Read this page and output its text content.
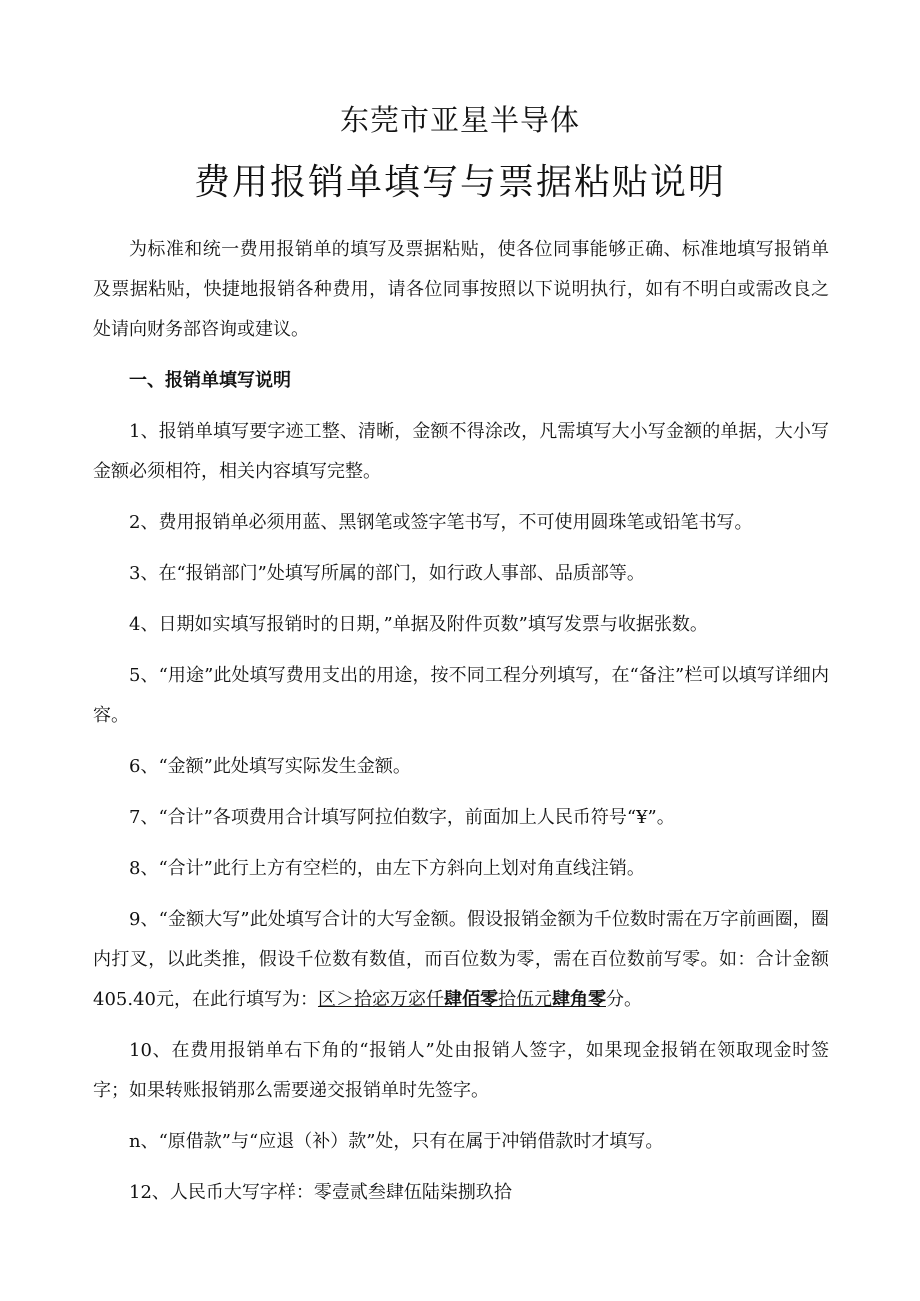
东莞市亚星半导体
费用报销单填写与票据粘贴说明

为标准和统一费用报销单的填写及票据粘贴，使各位同事能够正确、标准地填写报销单及票据粘贴，快捷地报销各种费用，请各位同事按照以下说明执行，如有不明白或需改良之处请向财务部咨询或建议。

一、报销单填写说明

1、报销单填写要字迹工整、清晰，金额不得涂改，凡需填写大小写金额的单据，大小写金额必须相符，相关内容填写完整。

2、费用报销单必须用蓝、黑钢笔或签字笔书写，不可使用圆珠笔或铅笔书写。

3、在“报销部门”处填写所属的部门，如行政人事部、品质部等。

4、日期如实填写报销时的日期，”单据及附件页数”填写发票与收据张数。

5、“用途”此处填写费用支出的用途，按不同工程分列填写，在“备注”栏可以填写详细内容。

6、“金额”此处填写实际发生金额。

7、“合计”各项费用合计填写阿拉伯数字，前面加上人民币符号“¥”。

8、“合计”此行上方有空栏的，由左下方斜向上划对角直线注销。

9、“金额大写”此处填写合计的大写金额。假设报销金额为千位数时需在万字前画圈，圈内打叉，以此类推，假设千位数有数值，而百位数为零，需在百位数前写零。如：合计金额405.40元，在此行填写为：区＞拾宓万宓仟肆佰零拾伍元肆角零分。

10、在费用报销单右下角的“报销人”处由报销人签字，如果现金报销在领取现金时签字；如果转账报销那么需要递交报销单时先签字。

n、“原借款”与“应退（补）款”处，只有在属于冲销借款时才填写。

12、人民币大写字样：零壹贰叁肆伍陆柒捌玖拾
